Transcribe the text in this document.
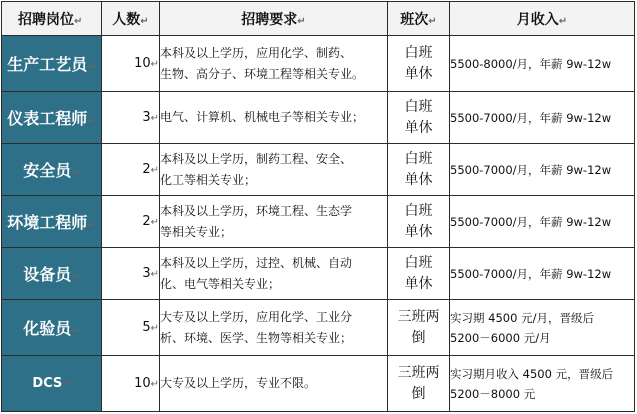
招聘岗位↵	人数↵	招聘要求↵	班次↵	月收入↵
生产工艺员↵	10↵	本科及以上学历，应用化学、制药、
生物、高分子、环境工程等相关专业。	白班
单休	5500-8000/月，年薪 9w-12w
仪表工程师↵	3↵	电气、计算机、机械电子等相关专业；	白班
单休	5500-7000/月，年薪 9w-12w
安全员↵	2↵	本科及以上学历，制药工程、安全、
化工等相关专业；	白班
单休	5500-7000/月，年薪 9w-12w
环境工程师↵	2↵	本科及以上学历，环境工程、生态学
等相关专业；	白班
单休	5500-7000/月，年薪 9w-12w
设备员↵	3↵	本科及以上学历，过控、机械、自动
化、电气等相关专业；	白班
单休	5500-7000/月，年薪 9w-12w
化验员↵	5↵	大专及以上学历，应用化学、工业分
析、环境、医学、生物等相关专业；	三班两
倒	实习期 4500 元/月，晋级后
5200－6000 元/月
DCS↵	10↵	大专及以上学历，专业不限。	三班两
倒	实习期月收入 4500 元，晋级后
5200－8000 元
